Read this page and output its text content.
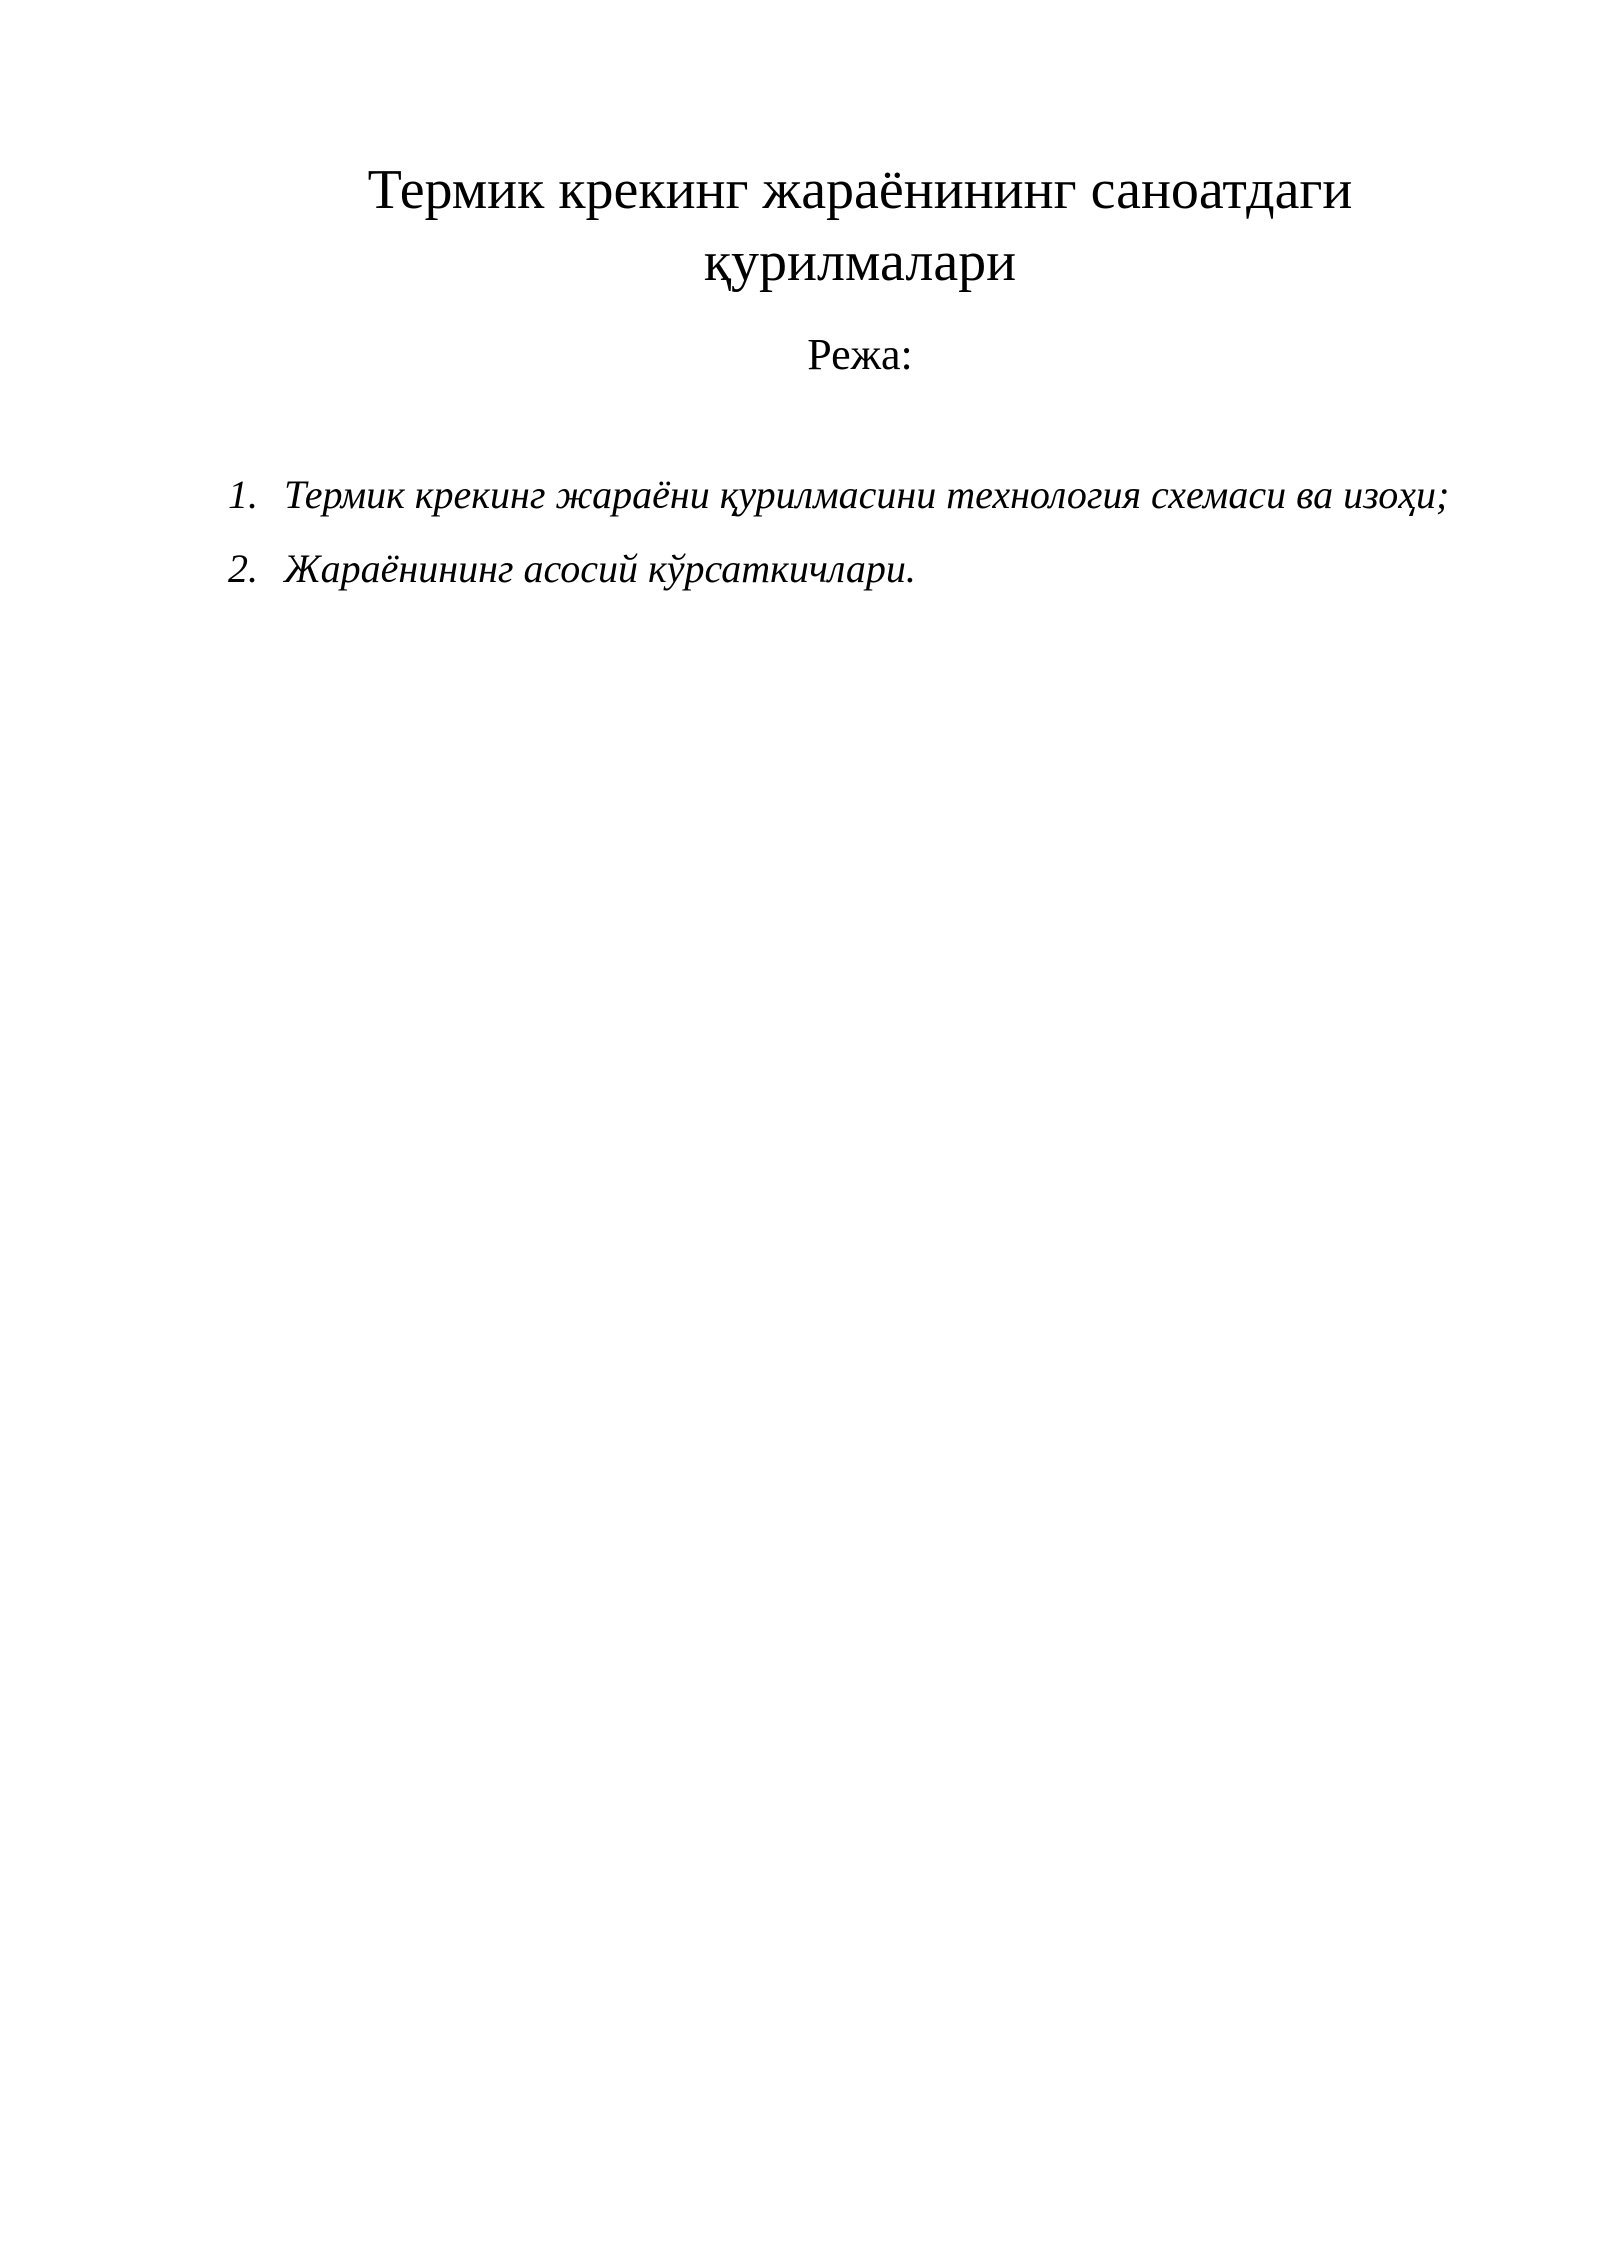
Термик крекинг жараёнининг саноатдаги қурилмалари
Режа:
1. Термик крекинг жараёни қурилмасини технология схемаси ва изоҳи;
2. Жараёнининг асосий кўрсаткичлари.
